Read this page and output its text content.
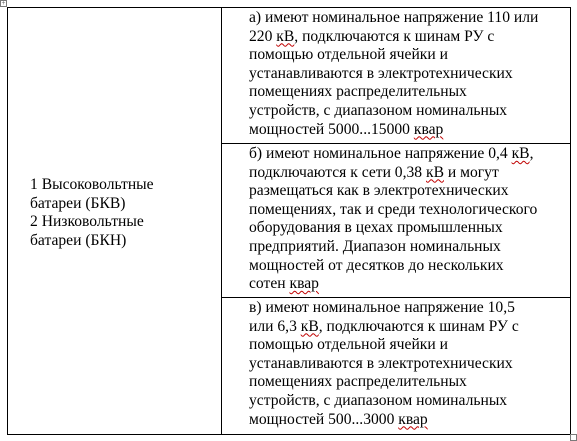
+
1 Высоковольтные
батареи (БКВ)
2 Низковольтные
батареи (БКН)
а) имеют номинальное напряжение 110 или
220 кВ, подключаются к шинам РУ с
помощью отдельной ячейки и
устанавливаются в электротехнических
помещениях распределительных
устройств, с диапазоном номинальных
мощностей 5000...15000 квар
б) имеют номинальное напряжение 0,4 кВ,
подключаются к сети 0,38 кВ и могут
размещаться как в электротехнических
помещениях, так и среди технологического
оборудования в цехах промышленных
предприятий. Диапазон номинальных
мощностей от десятков до нескольких
сотен квар
в) имеют номинальное напряжение 10,5
или 6,3 кВ, подключаются к шинам РУ с
помощью отдельной ячейки и
устанавливаются в электротехнических
помещениях распределительных
устройств, с диапазоном номинальных
мощностей 500...3000 квар
